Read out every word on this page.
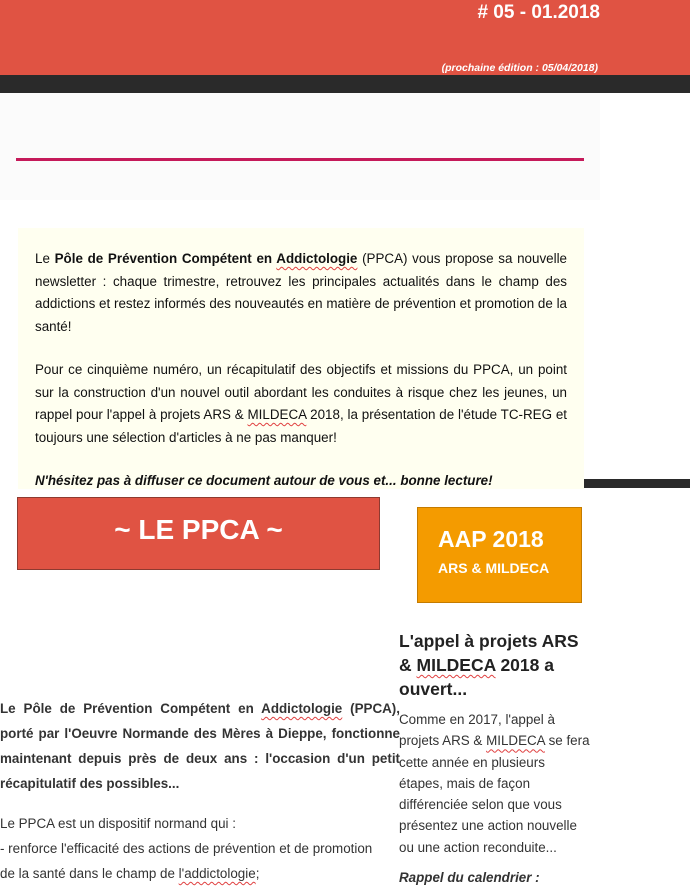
# 05 - 01.2018
(prochaine édition : 05/04/2018)

Le Pôle de Prévention Compétent en Addictologie (PPCA) vous propose sa nouvelle newsletter : chaque trimestre, retrouvez les principales actualités dans le champ des addictions et restez informés des nouveautés en matière de prévention et promotion de la santé!

Pour ce cinquième numéro, un récapitulatif des objectifs et missions du PPCA, un point sur la construction d'un nouvel outil abordant les conduites à risque chez les jeunes, un rappel pour l'appel à projets ARS & MILDECA 2018, la présentation de l'étude TC-REG et toujours une sélection d'articles à ne pas manquer!

N'hésitez pas à diffuser ce document autour de vous et... bonne lecture!

~ LE PPCA ~	AAP 2018
ARS & MILDECA

Le Pôle de Prévention Compétent en Addictologie (PPCA), porté par l'Oeuvre Normande des Mères à Dieppe, fonctionne maintenant depuis près de deux ans : l'occasion d'un petit récapitulatif des possibles...

Le PPCA est un dispositif normand qui :

- renforce l'efficacité des actions de prévention et de promotion

de la santé dans le champ de l'addictologie;

L'appel à projets ARS & MILDECA 2018 a ouvert...

Comme en 2017, l'appel à projets ARS & MILDECA se fera cette année en plusieurs étapes, mais de façon différenciée selon que vous présentez une action nouvelle ou une action reconduite...

Rappel du calendrier :
